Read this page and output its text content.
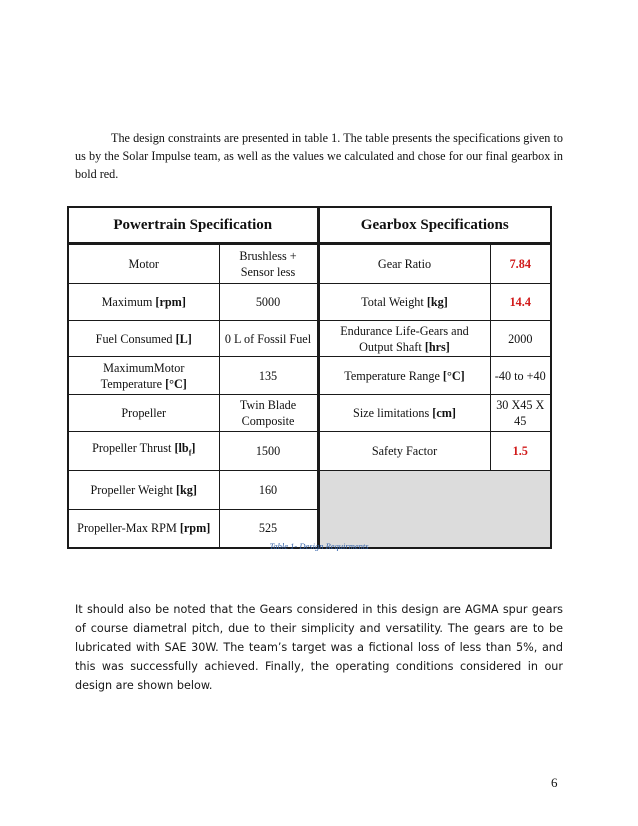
The design constraints are presented in table 1. The table presents the specifications given to us by the Solar Impulse team, as well as the values we calculated and chose for our final gearbox in bold red.

Powertrain Specification		Gearbox Specifications	
Motor	Brushless + Sensor less	Gear Ratio	7.84
Maximum [rpm]	5000	Total Weight [kg]	14.4
Fuel Consumed [L]	0 L of Fossil Fuel	Endurance Life-Gears and Output Shaft [hrs]	2000
MaximumMotor Temperature [°C]	135	Temperature Range [°C]	-40 to +40
Propeller	Twin Blade Composite	Size limitations [cm]	30 X45 X 45
Propeller Thrust $[lb_f]$	1500	Safety Factor	1.5
Propeller Weight [kg]	160		
Propeller-Max RPM [rpm]	525		
Table 1- Design Requirments

It should also be noted that the Gears considered in this design are AGMA spur gears of course diametral pitch, due to their simplicity and versatility. The gears are to be lubricated with SAE 30W. The team’s target was a fictional loss of less than 5%, and this was successfully achieved. Finally, the operating conditions considered in our design are shown below.

6
